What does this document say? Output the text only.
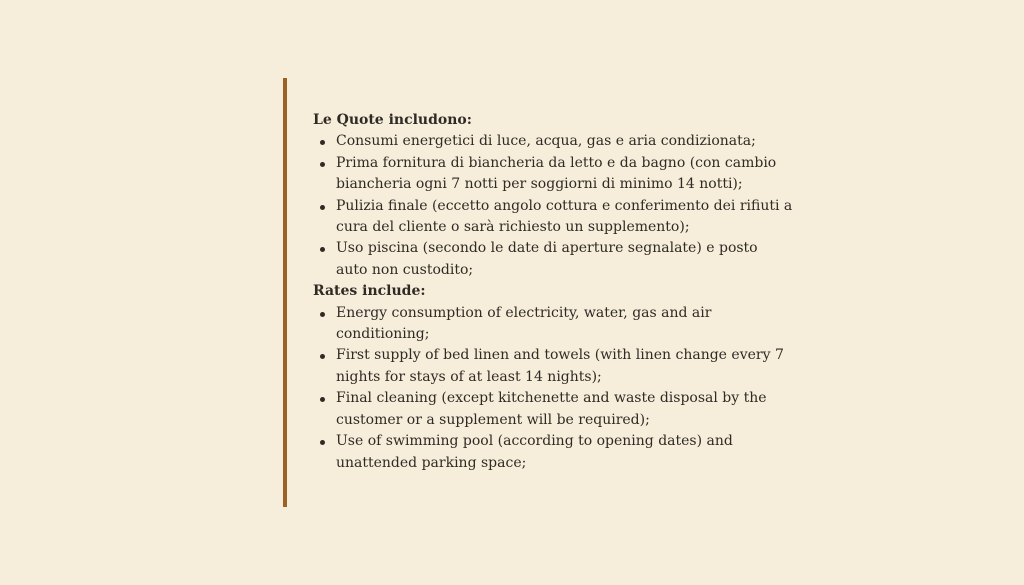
Le Quote includono:

Consumi energetici di luce, acqua, gas e aria condizionata;
Prima fornitura di biancheria da letto e da bagno (con cambio biancheria ogni 7 notti per soggiorni di minimo 14 notti);
Pulizia finale (eccetto angolo cottura e conferimento dei rifiuti a cura del cliente o sarà richiesto un supplemento);
Uso piscina (secondo le date di aperture segnalate) e posto auto non custodito;

Rates include:

Energy consumption of electricity, water, gas and air conditioning;
First supply of bed linen and towels (with linen change every 7 nights for stays of at least 14 nights);
Final cleaning (except kitchenette and waste disposal by the customer or a supplement will be required);
Use of swimming pool (according to opening dates) and unattended parking space;
